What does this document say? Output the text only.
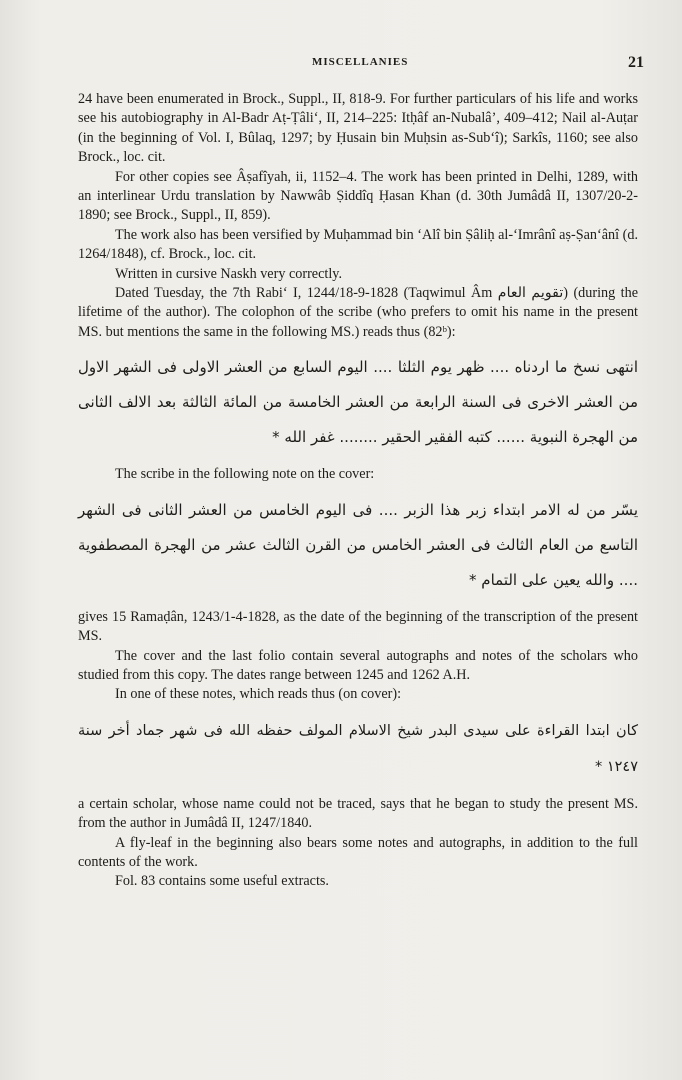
MISCELLANIES	21

24 have been enumerated in Brock., Suppl., II, 818-9. For further particulars of his life and works see his autobiography in Al-Badr Aṭ-Ṭâli‘, II, 214–225: Itḥâf an-Nubalâ’, 409–412; Nail al-Auṭar (in the beginning of Vol. I, Bûlaq, 1297; by Ḥusain bin Muḥsin as-Sub‘î); Sarkîs, 1160; see also Brock., loc. cit.

For other copies see Âṣafîyah, ii, 1152–4. The work has been printed in Delhi, 1289, with an interlinear Urdu translation by Nawwâb Ṣiddîq Ḥasan Khan (d. 30th Jumâdâ II, 1307/20-2-1890; see Brock., Suppl., II, 859).

The work also has been versified by Muḥammad bin ‘Alî bin Ṣâliḥ al-‘Imrânî aṣ-Ṣan‘ânî (d. 1264/1848), cf. Brock., loc. cit.

Written in cursive Naskh very correctly.

Dated Tuesday, the 7th Rabi‘ I, 1244/18-9-1828 (Taqwimul Âm تقويم العام) (during the lifetime of the author). The colophon of the scribe (who prefers to omit his name in the present MS. but mentions the same in the following MS.) reads thus (82ᵇ):

انتهى نسخ ما اردناه .... ظهر يوم الثلثا .... اليوم السابع من العشر الاولى فى الشهر الاول من العشر الاخرى فى السنة الرابعة من العشر الخامسة من المائة الثالثة بعد الالف الثانى من الهجرة النبوية ...... كتبه الفقير الحقير ........ غفر الله *

The scribe in the following note on the cover:

يسّر من له الامر ابتداء زبر هذا الزبر .... فى اليوم الخامس من العشر الثانى فى الشهر التاسع من العام الثالث فى العشر الخامس من القرن الثالث عشر من الهجرة المصطفوية .... والله يعين على التمام *

gives 15 Ramaḍân, 1243/1-4-1828, as the date of the beginning of the transcription of the present MS.

The cover and the last folio contain several autographs and notes of the scholars who studied from this copy. The dates range between 1245 and 1262 A.H.

In one of these notes, which reads thus (on cover):

كان ابتدا القراءة على سيدى البدر شيخ الاسلام المولف حفظه الله فى شهر جماد أخر سنة ١٢٤٧ *

a certain scholar, whose name could not be traced, says that he began to study the present MS. from the author in Jumâdâ II, 1247/1840.

A fly-leaf in the beginning also bears some notes and autographs, in addition to the full contents of the work.

Fol. 83 contains some useful extracts.
